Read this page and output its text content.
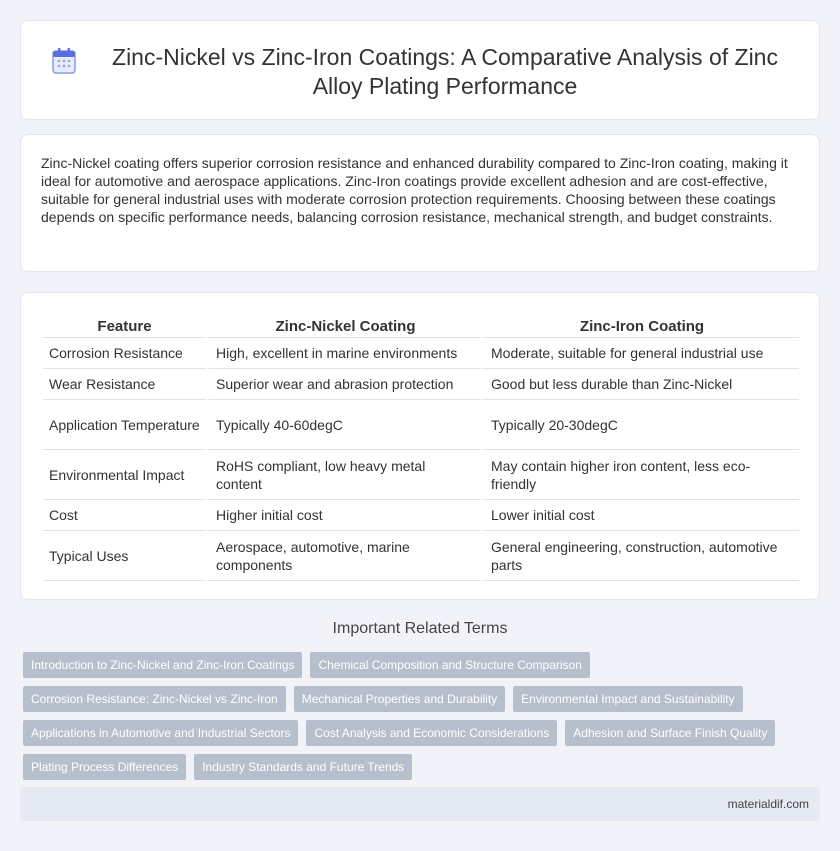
Zinc-Nickel vs Zinc-Iron Coatings: A Comparative Analysis of Zinc Alloy Plating Performance

Zinc-Nickel coating offers superior corrosion resistance and enhanced durability compared to Zinc-Iron coating, making it ideal for automotive and aerospace applications. Zinc-Iron coatings provide excellent adhesion and are cost-effective, suitable for general industrial uses with moderate corrosion protection requirements. Choosing between these coatings depends on specific performance needs, balancing corrosion resistance, mechanical strength, and budget constraints.

Feature	Zinc-Nickel Coating	Zinc-Iron Coating
Corrosion Resistance	High, excellent in marine environments	Moderate, suitable for general industrial use
Wear Resistance	Superior wear and abrasion protection	Good but less durable than Zinc-Nickel
Application Temperature	Typically 40-60degC	Typically 20-30degC
Environmental Impact	RoHS compliant, low heavy metal content	May contain higher iron content, less eco-friendly
Cost	Higher initial cost	Lower initial cost
Typical Uses	Aerospace, automotive, marine components	General engineering, construction, automotive parts
Important Related Terms
Introduction to Zinc-Nickel and Zinc-Iron Coatings	Chemical Composition and Structure Comparison
Corrosion Resistance: Zinc-Nickel vs Zinc-Iron	Mechanical Properties and Durability	Environmental Impact and Sustainability
Applications in Automotive and Industrial Sectors	Cost Analysis and Economic Considerations	Adhesion and Surface Finish Quality
Plating Process Differences	Industry Standards and Future Trends
materialdif.com
